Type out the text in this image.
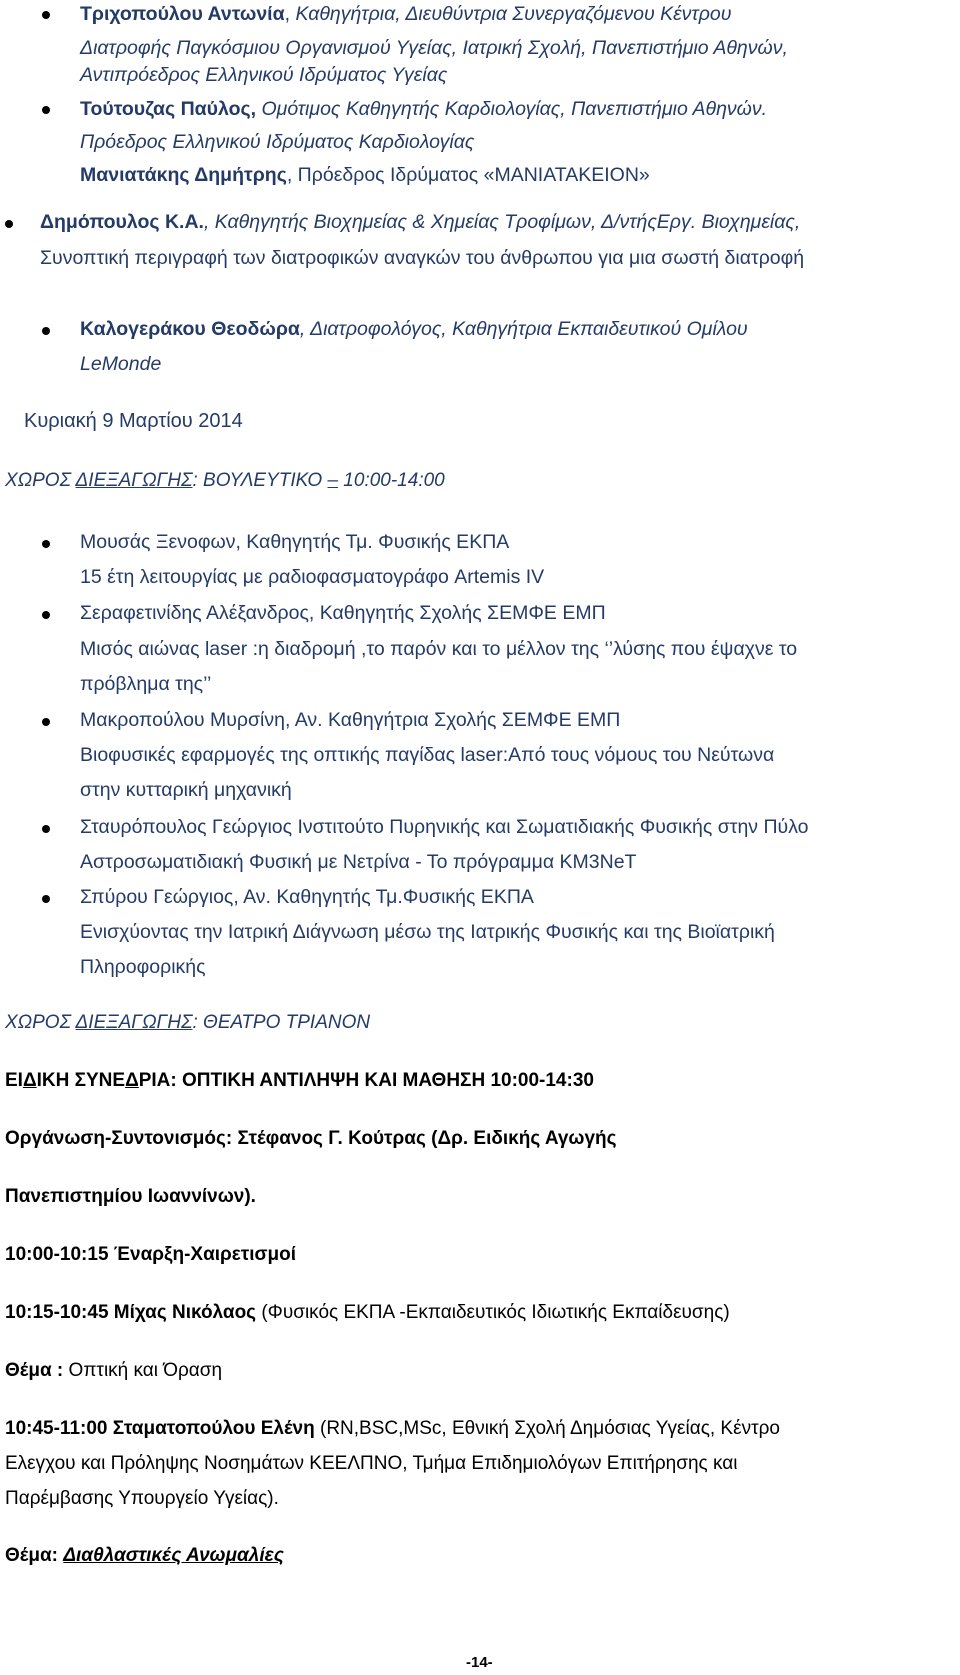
Τριχοπούλου Αντωνία, Καθηγήτρια, Διευθύντρια Συνεργαζόμενου Κέντρου
Διατροφής Παγκόσμιου Οργανισμού Υγείας, Ιατρική Σχολή, Πανεπιστήμιο Αθηνών,
Αντιπρόεδρος Ελληνικού Ιδρύματος Υγείας
Τούτουζας Παύλος, Ομότιμος Καθηγητής Καρδιολογίας, Πανεπιστήμιο Αθηνών.
Πρόεδρος Ελληνικού Ιδρύματος Καρδιολογίας
Μανιατάκης Δημήτρης, Πρόεδρος Ιδρύματος «ΜΑΝΙΑΤΑΚΕΙΟΝ»
Δημόπουλος Κ.Α., Καθηγητής Βιοχημείας & Χημείας Τροφίμων, Δ/ντήςΕργ. Βιοχημείας,
Συνοπτική περιγραφή των διατροφικών αναγκών του άνθρωπου για μια σωστή διατροφή
Καλογεράκου Θεοδώρα, Διατροφολόγος, Καθηγήτρια Εκπαιδευτικού Ομίλου
LeMonde
Κυριακή 9 Μαρτίου 2014
ΧΩΡΟΣ ΔΙΕΞΑΓΩΓΗΣ: ΒΟΥΛΕΥΤΙΚΟ – 10:00-14:00
Μουσάς Ξενοφων, Καθηγητής Τμ. Φυσικής ΕΚΠΑ
15 έτη λειτουργίας με ραδιοφασματογράφο Artemis IV
Σεραφετινίδης Αλέξανδρος, Καθηγητής Σχολής ΣΕΜΦΕ ΕΜΠ
Μισός αιώνας laser :η διαδρομή ,το παρόν και το μέλλον της ‘’λύσης που έψαχνε το
πρόβλημα της’’
Μακροπούλου Μυρσίνη, Αν. Καθηγήτρια Σχολής ΣΕΜΦΕ ΕΜΠ
Βιοφυσικές εφαρμογές της οπτικής παγίδας laser:Από τους νόμους του Νεύτωνα
στην κυτταρική μηχανική
Σταυρόπουλος Γεώργιος Ινστιτούτο Πυρηνικής και Σωματιδιακής Φυσικής στην Πύλο
Αστροσωματιδιακή Φυσική με Νετρίνα - Το πρόγραμμα KM3NeT
Σπύρου Γεώργιος, Αν. Καθηγητής Τμ.Φυσικής ΕΚΠΑ
Ενισχύοντας την Ιατρική Διάγνωση μέσω της Ιατρικής Φυσικής και της Βιοϊατρική
Πληροφορικής
ΧΩΡΟΣ ΔΙΕΞΑΓΩΓΗΣ: ΘΕΑΤΡΟ ΤΡΙΑΝΟΝ
ΕΙΔΙΚΗ ΣΥΝΕΔΡΙΑ: ΟΠΤΙΚΗ ΑΝΤΙΛΗΨΗ ΚΑΙ ΜΑΘΗΣΗ 10:00-14:30
Οργάνωση-Συντονισμός: Στέφανος Γ. Κούτρας (Δρ. Ειδικής Αγωγής
Πανεπιστημίου Ιωαννίνων).
10:00-10:15 Έναρξη-Χαιρετισμοί
10:15-10:45 Μίχας Νικόλαος (Φυσικός ΕΚΠΑ -Εκπαιδευτικός Ιδιωτικής Εκπαίδευσης)
Θέμα : Οπτική και Όραση
10:45-11:00 Σταματοπούλου Ελένη (RN,BSC,MSc, Εθνική Σχολή Δημόσιας Υγείας, Κέντρο
Ελεγχου και Πρόληψης Νοσημάτων ΚΕΕΛΠΝΟ, Τμήμα Επιδημιολόγων Επιτήρησης και
Παρέμβασης Υπουργείο Υγείας).
Θέμα: Διαθλαστικές Ανωμαλίες
-14-
